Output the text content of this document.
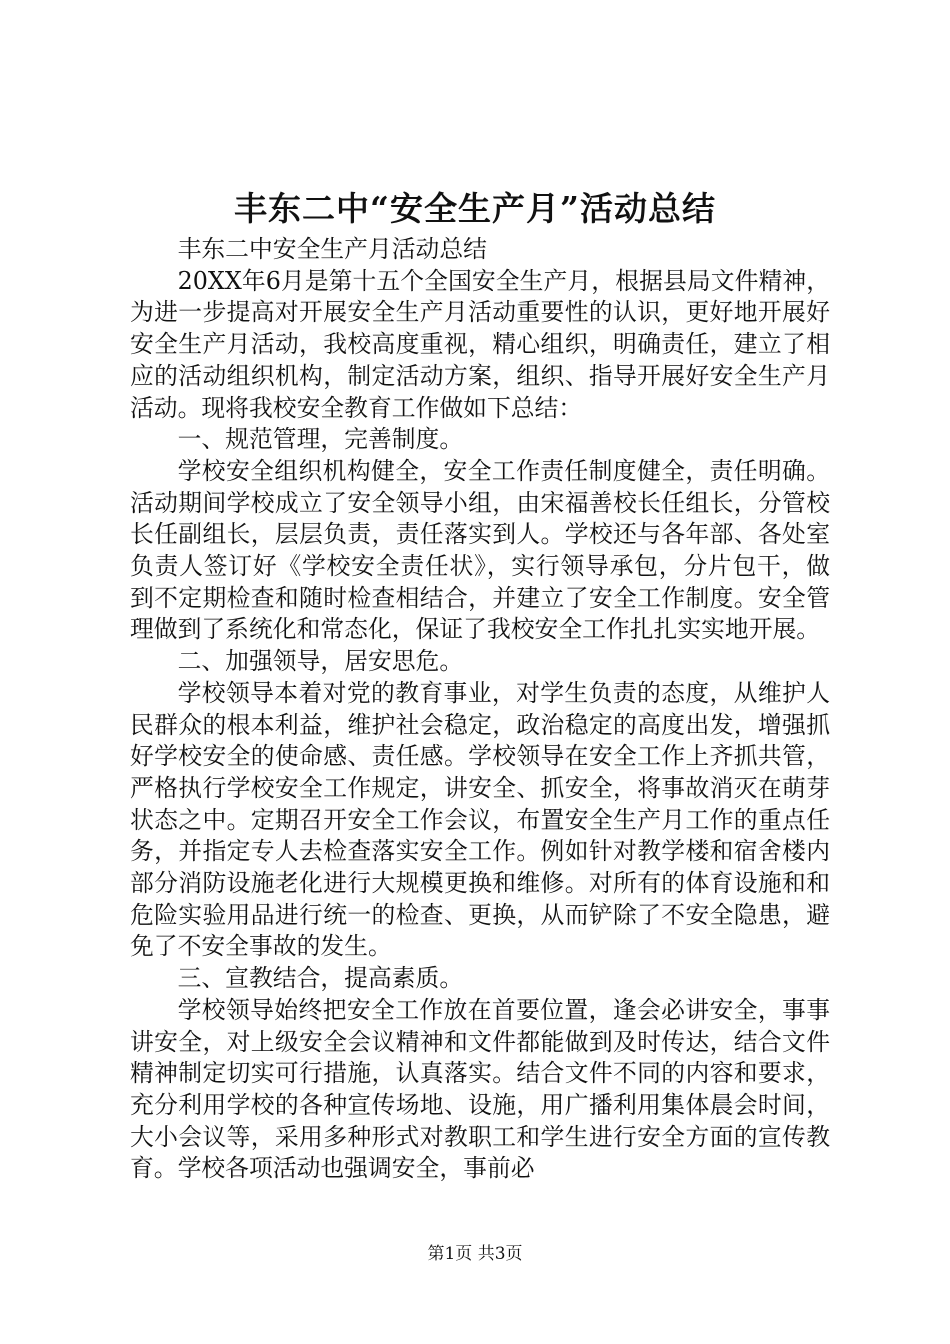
丰东二中“安全生产月”活动总结

丰东二中安全生产月活动总结

20XX年6月是第十五个全国安全生产月，根据县局文件精神，为进一步提高对开展安全生产月活动重要性的认识，更好地开展好安全生产月活动，我校高度重视，精心组织，明确责任，建立了相应的活动组织机构，制定活动方案，组织、指导开展好安全生产月活动。现将我校安全教育工作做如下总结：

一、规范管理，完善制度。

学校安全组织机构健全，安全工作责任制度健全，责任明确。活动期间学校成立了安全领导小组，由宋福善校长任组长，分管校长任副组长，层层负责，责任落实到人。学校还与各年部、各处室负责人签订好《学校安全责任状》，实行领导承包，分片包干，做到不定期检查和随时检查相结合，并建立了安全工作制度。安全管理做到了系统化和常态化，保证了我校安全工作扎扎实实地开展。

二、加强领导，居安思危。

学校领导本着对党的教育事业，对学生负责的态度，从维护人民群众的根本利益，维护社会稳定，政治稳定的高度出发，增强抓好学校安全的使命感、责任感。学校领导在安全工作上齐抓共管，严格执行学校安全工作规定，讲安全、抓安全，将事故消灭在萌芽状态之中。定期召开安全工作会议，布置安全生产月工作的重点任务，并指定专人去检查落实安全工作。例如针对教学楼和宿舍楼内部分消防设施老化进行大规模更换和维修。对所有的体育设施和和危险实验用品进行统一的检查、更换，从而铲除了不安全隐患，避免了不安全事故的发生。

三、宣教结合，提高素质。

学校领导始终把安全工作放在首要位置，逢会必讲安全，事事讲安全，对上级安全会议精神和文件都能做到及时传达，结合文件精神制定切实可行措施，认真落实。结合文件不同的内容和要求，充分利用学校的各种宣传场地、设施，用广播利用集体晨会时间，大小会议等，采用多种形式对教职工和学生进行安全方面的宣传教育。学校各项活动也强调安全，事前必

第1页 共3页
